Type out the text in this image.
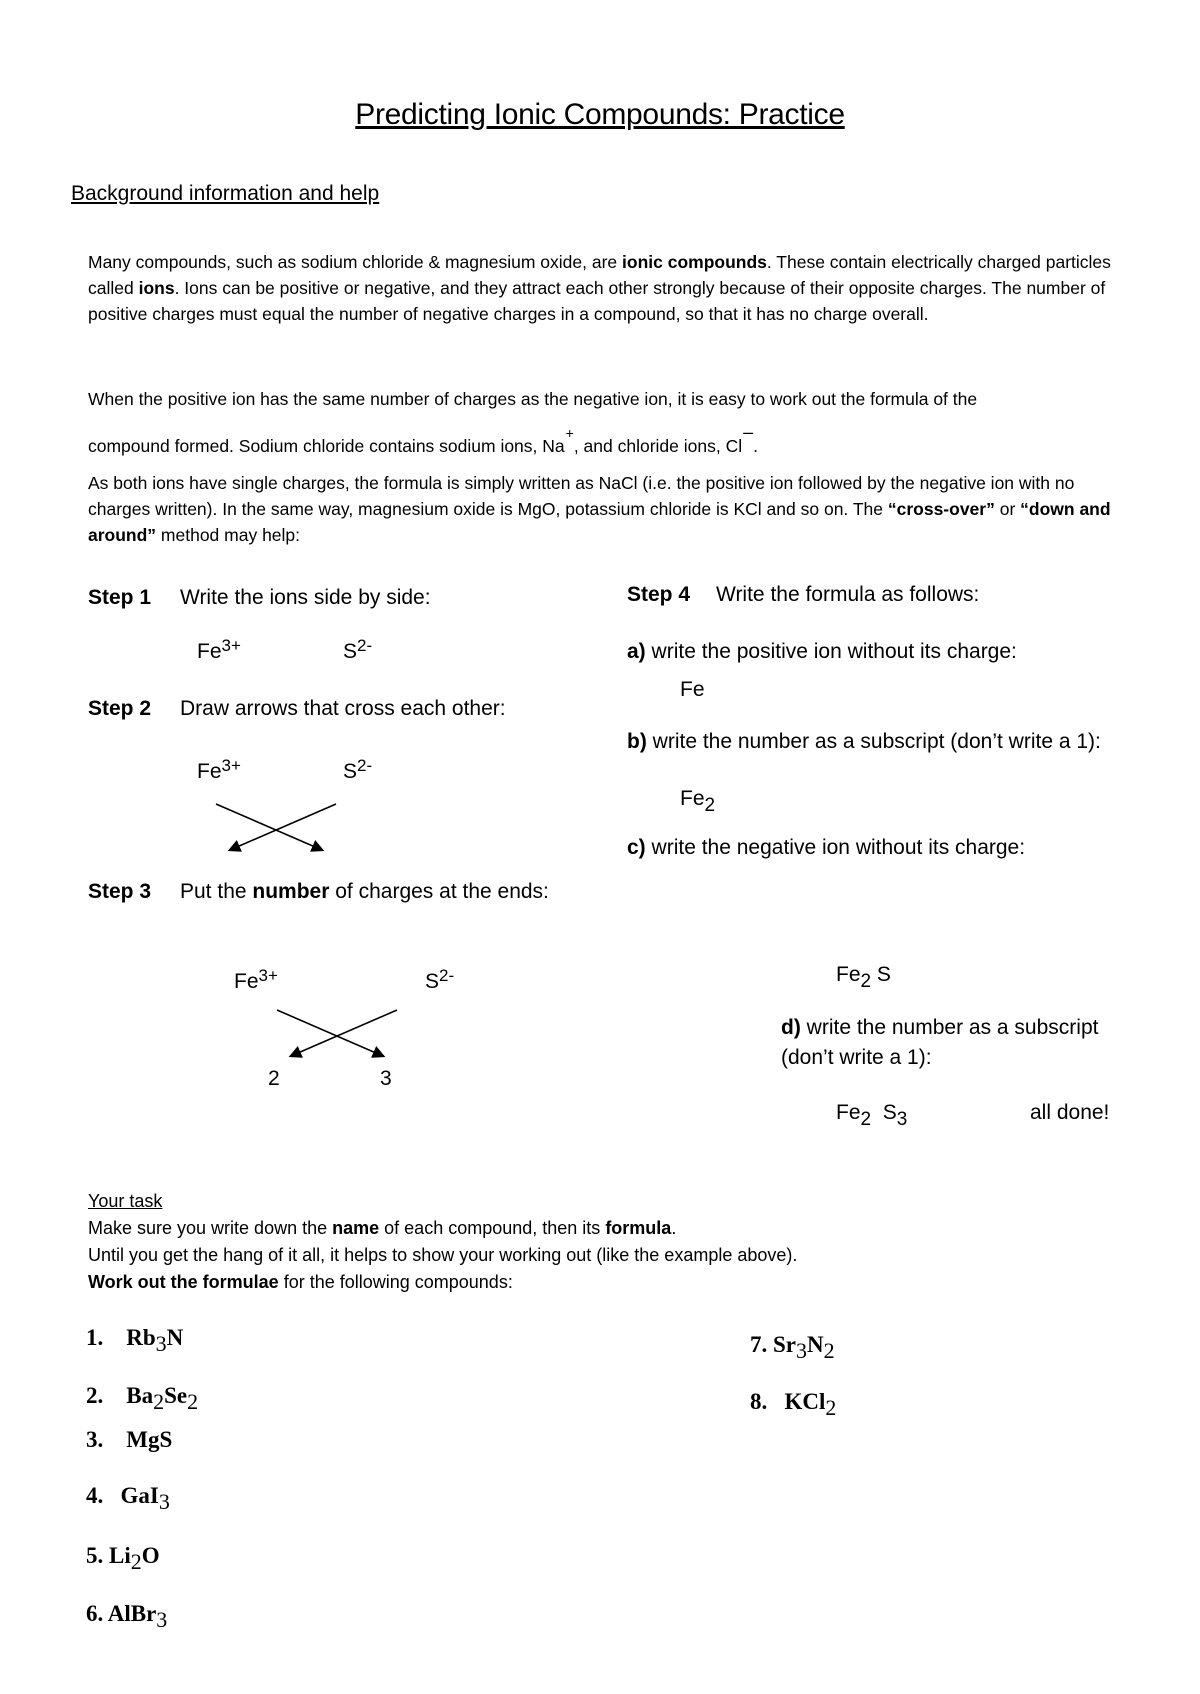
Predicting Ionic Compounds: Practice
Background information and help
Many compounds, such as sodium chloride & magnesium oxide, are ionic compounds. These contain electrically charged particles called ions. Ions can be positive or negative, and they attract each other strongly because of their opposite charges. The number of positive charges must equal the number of negative charges in a compound, so that it has no charge overall.
When the positive ion has the same number of charges as the negative ion, it is easy to work out the formula of the
compound formed. Sodium chloride contains sodium ions, Na+, and chloride ions, Cl–.
As both ions have single charges, the formula is simply written as NaCl (i.e. the positive ion followed by the negative ion with no charges written). In the same way, magnesium oxide is MgO, potassium chloride is KCl and so on. The “cross-over” or “down and around” method may help:
Step 1 Write the ions side by side:
$Fe^{3+}$	$S^{2-}$
Step 2 Draw arrows that cross each other:
$Fe^{3+}$	$S^{2-}$
Step 3 Put the number of charges at the ends:
$Fe^{3+}$	$S^{2-}$
2	3
Step 4 Write the formula as follows:
a) write the positive ion without its charge:
Fe
b) write the number as a subscript (don’t write a 1):
$Fe_2$
c) write the negative ion without its charge:
$Fe_2$ S
d) write the number as a subscript
(don’t write a 1):
$Fe_2$ $S_3$	all done!
Your task
Make sure you write down the name of each compound, then its formula.
Until you get the hang of it all, it helps to show your working out (like the example above).
Work out the formulae for the following compounds:
1. $Rb_3N$
2. $Ba_2Se_2$
3. MgS
4. GaI$_3$
5. $Li_2O$
6. AlBr$_3$
7. $Sr_3N_2$
8. KCl$_2$
